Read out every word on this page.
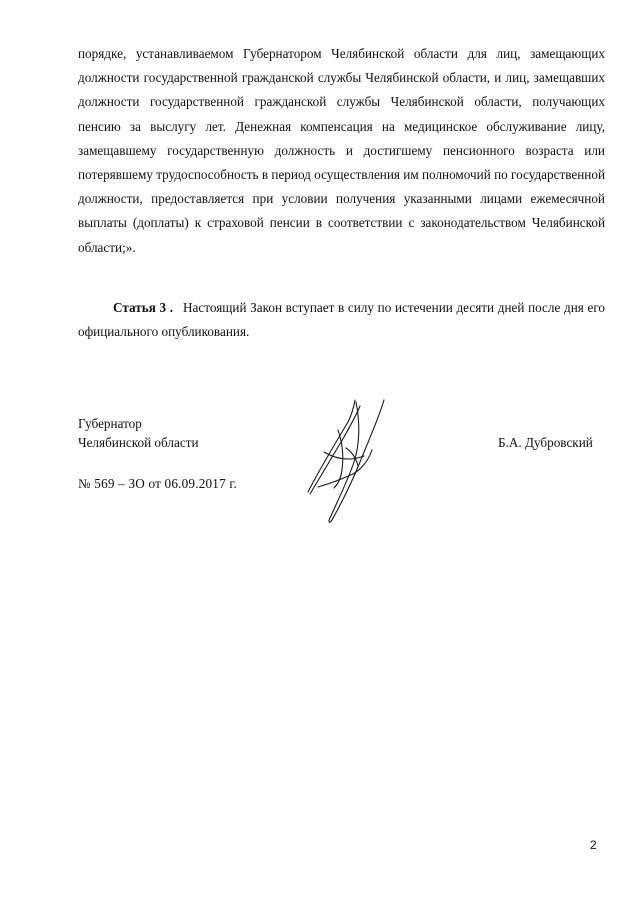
порядке, устанавливаемом Губернатором Челябинской области для лиц, замещающих должности государственной гражданской службы Челябинской области, и лиц, замещавших должности государственной гражданской службы Челябинской области, получающих пенсию за выслугу лет. Денежная компенсация на медицинское обслуживание лицу, замещавшему государственную должность и достигшему пенсионного возраста или потерявшему трудоспособность в период осуществления им полномочий по государственной должности, предоставляется при условии получения указанными лицами ежемесячной выплаты (доплаты) к страховой пенсии в соответствии с законодательством Челябинской области;».
Статья 3 . Настоящий Закон вступает в силу по истечении десяти дней после дня его официального опубликования.
Губернатор
Челябинской области	Б.А. Дубровский
№ 569 – ЗО от 06.09.2017 г.
2
